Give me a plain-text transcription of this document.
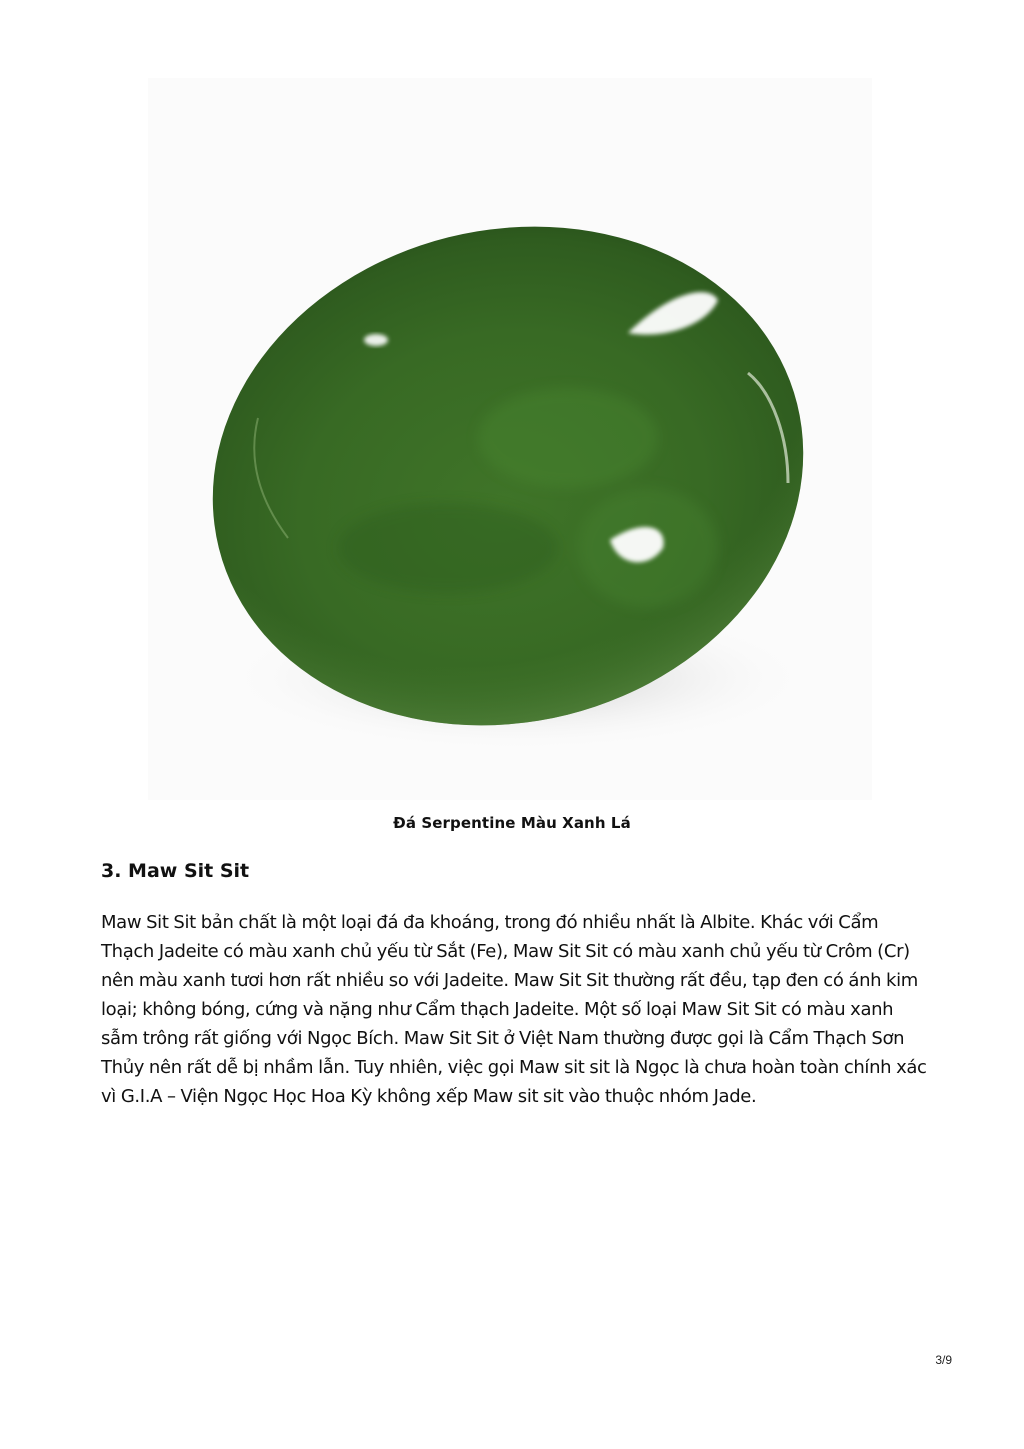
Đá Serpentine Màu Xanh Lá
3. Maw Sit Sit

Maw Sit Sit bản chất là một loại đá đa khoáng, trong đó nhiều nhất là Albite. Khác với Cẩm Thạch Jadeite có màu xanh chủ yếu từ Sắt (Fe), Maw Sit Sit có màu xanh chủ yếu từ Crôm (Cr) nên màu xanh tươi hơn rất nhiều so với Jadeite. Maw Sit Sit thường rất đều, tạp đen có ánh kim loại; không bóng, cứng và nặng như Cẩm thạch Jadeite. Một số loại Maw Sit Sit có màu xanh sẫm trông rất giống với Ngọc Bích. Maw Sit Sit ở Việt Nam thường được gọi là Cẩm Thạch Sơn Thủy nên rất dễ bị nhầm lẫn. Tuy nhiên, việc gọi Maw sit sit là Ngọc là chưa hoàn toàn chính xác vì G.I.A – Viện Ngọc Học Hoa Kỳ không xếp Maw sit sit vào thuộc nhóm Jade.

3/9
